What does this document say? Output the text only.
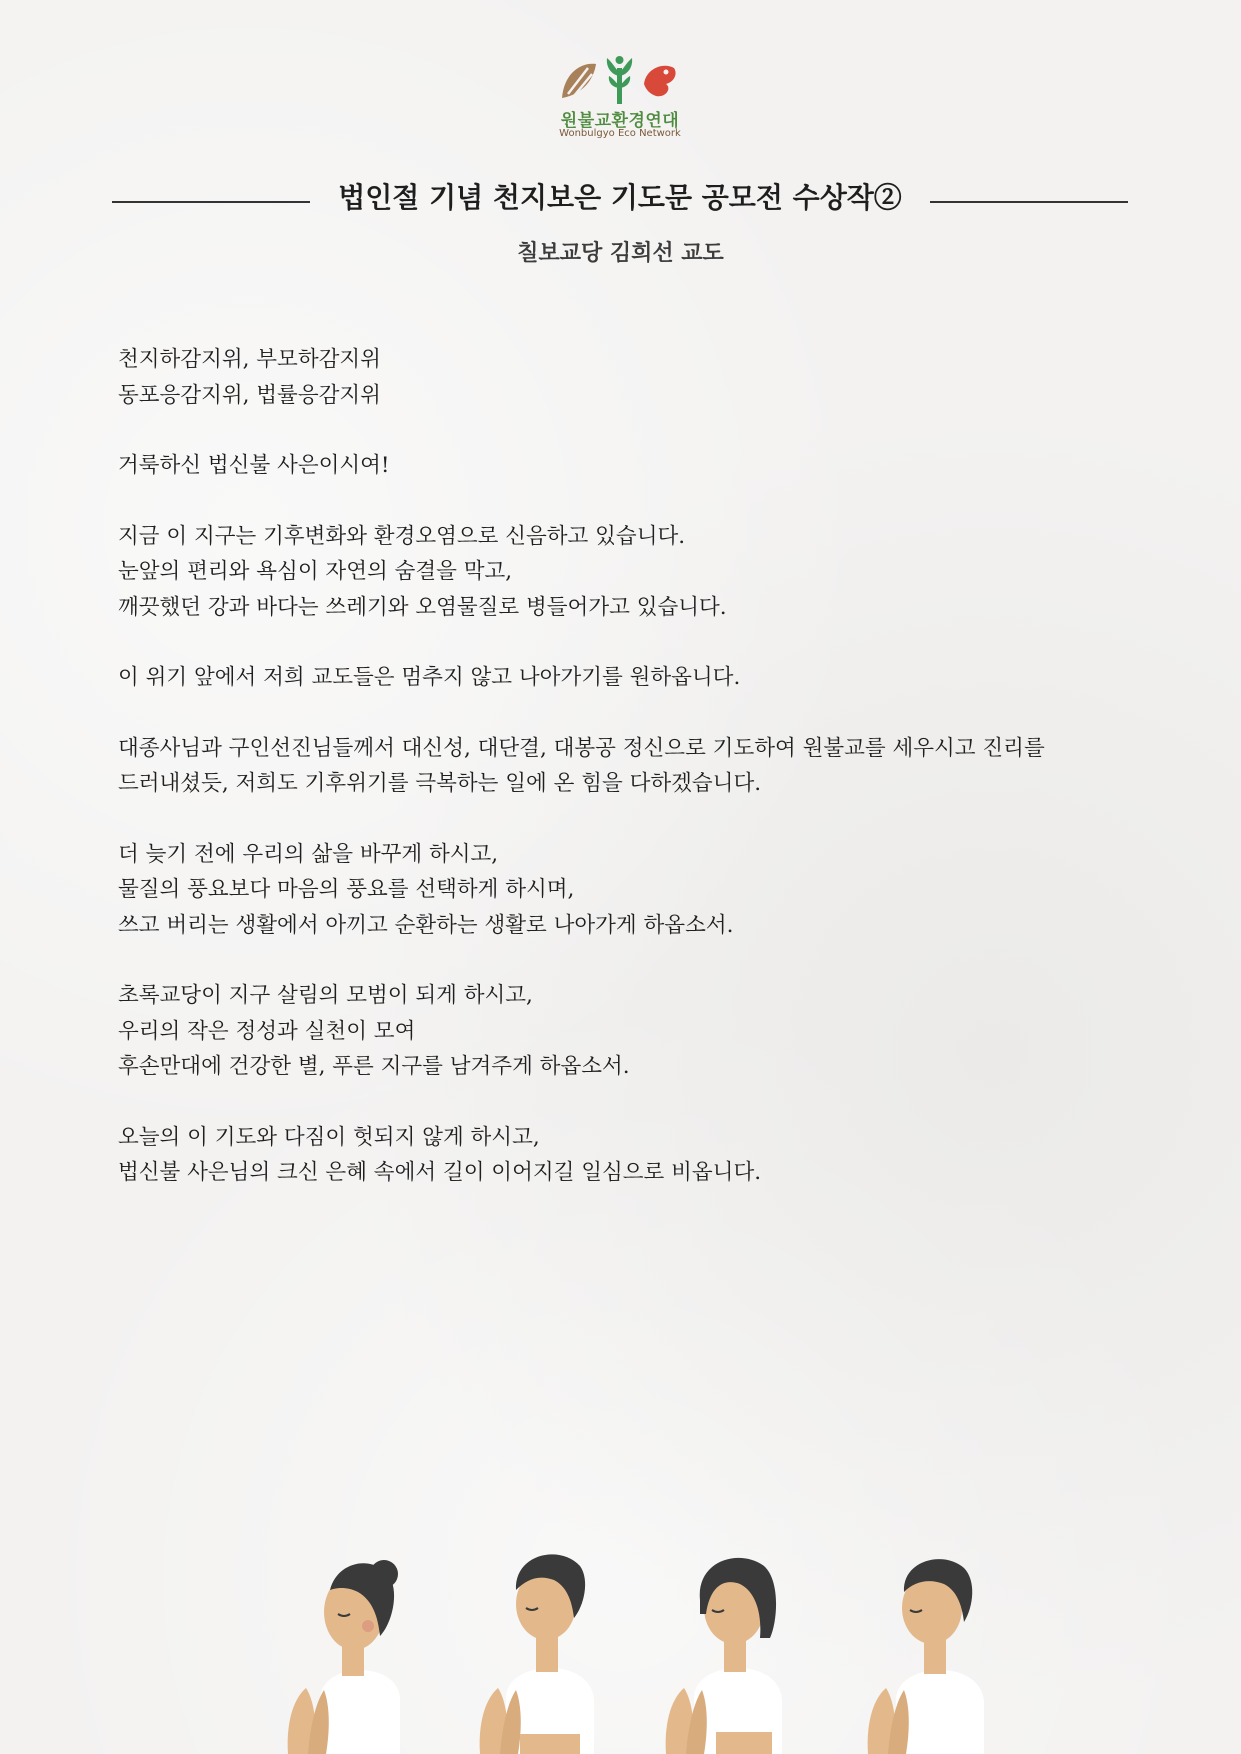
원불교환경연대
Wonbulgyo Eco Network
법인절 기념 천지보은 기도문 공모전 수상작②
칠보교당 김희선 교도
천지하감지위, 부모하감지위
동포응감지위, 법률응감지위
거룩하신 법신불 사은이시여!
지금 이 지구는 기후변화와 환경오염으로 신음하고 있습니다.
눈앞의 편리와 욕심이 자연의 숨결을 막고,
깨끗했던 강과 바다는 쓰레기와 오염물질로 병들어가고 있습니다.
이 위기 앞에서 저희 교도들은 멈추지 않고 나아가기를 원하옵니다.
대종사님과 구인선진님들께서 대신성, 대단결, 대봉공 정신으로 기도하여 원불교를 세우시고 진리를
드러내셨듯, 저희도 기후위기를 극복하는 일에 온 힘을 다하겠습니다.
더 늦기 전에 우리의 삶을 바꾸게 하시고,
물질의 풍요보다 마음의 풍요를 선택하게 하시며,
쓰고 버리는 생활에서 아끼고 순환하는 생활로 나아가게 하옵소서.
초록교당이 지구 살림의 모범이 되게 하시고,
우리의 작은 정성과 실천이 모여
후손만대에 건강한 별, 푸른 지구를 남겨주게 하옵소서.
오늘의 이 기도와 다짐이 헛되지 않게 하시고,
법신불 사은님의 크신 은혜 속에서 길이 이어지길 일심으로 비옵니다.
